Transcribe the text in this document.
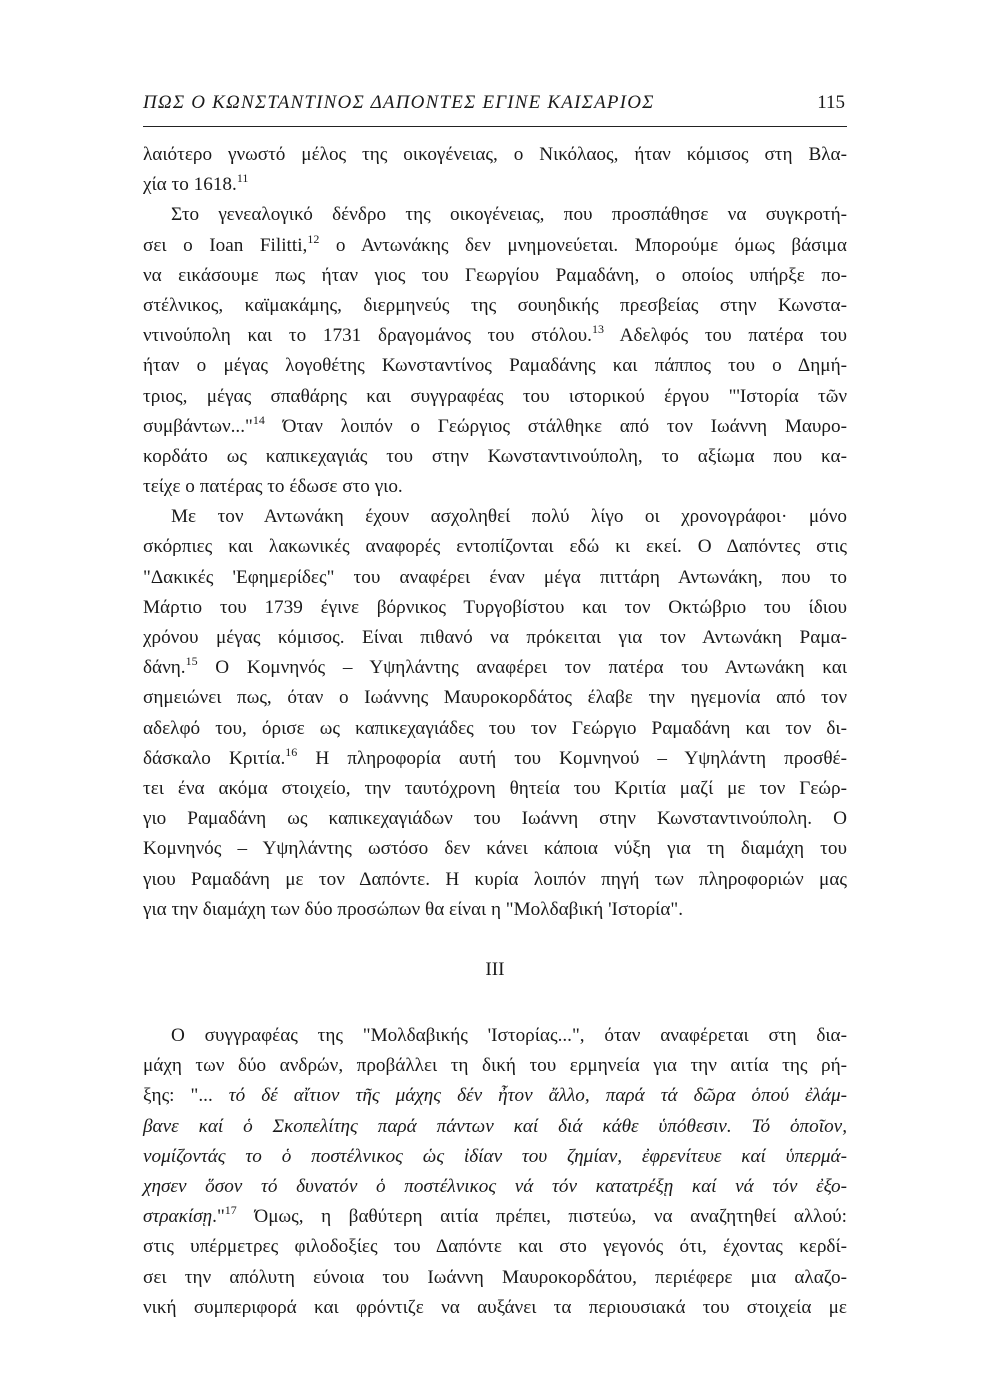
ΠΩΣ Ο ΚΩΝΣΤΑΝΤΙΝΟΣ ΔΑΠΟΝΤΕΣ ΕΓΙΝΕ ΚΑΙΣΑΡΙΟΣ	115
λαιότερο γνωστό μέλος της οικογένειας, ο Νικόλαος, ήταν κόμισος στη Βλα-
χία το 1618.11
Στο γενεαλογικό δένδρο της οικογένειας, που προσπάθησε να συγκροτή-
σει ο Ioan Filitti,$^{12}$ ο Αντωνάκης δεν μνημονεύεται. Μπορούμε όμως βάσιμα
να εικάσουμε πως ήταν γιος του Γεωργίου Ραμαδάνη, ο οποίος υπήρξε πο-
στέλνικος, καϊμακάμης, διερμηνεύς της σουηδικής πρεσβείας στην Κωνστα-
ντινούπολη και το 1731 δραγομάνος του στόλου.$^{13}$ Αδελφός του πατέρα του
ήταν ο μέγας λογοθέτης Κωνσταντίνος Ραμαδάνης και πάππος του ο Δημή-
τριος, μέγας σπαθάρης και συγγραφέας του ιστορικού έργου "'Ιστορία τῶν
συμβάντων..."$^{14}$ Όταν λοιπόν ο Γεώργιος στάλθηκε από τον Ιωάννη Μαυρο-
κορδάτο ως καπικεχαγιάς του στην Κωνσταντινούπολη, το αξίωμα που κα-
τείχε ο πατέρας το έδωσε στο γιο.
Με τον Αντωνάκη έχουν ασχοληθεί πολύ λίγο οι χρονογράφοι· μόνο
σκόρπιες και λακωνικές αναφορές εντοπίζονται εδώ κι εκεί. Ο Δαπόντες στις
"Δακικές 'Εφημερίδες" του αναφέρει έναν μέγα πιττάρη Αντωνάκη, που το
Μάρτιο του 1739 έγινε βόρνικος Τυργοβίστου και τον Οκτώβριο του ίδιου
χρόνου μέγας κόμισος. Είναι πιθανό να πρόκειται για τον Αντωνάκη Ραμα-
δάνη.$^{15}$ Ο Κομνηνός – Υψηλάντης αναφέρει τον πατέρα του Αντωνάκη και
σημειώνει πως, όταν ο Ιωάννης Μαυροκορδάτος έλαβε την ηγεμονία από τον
αδελφό του, όρισε ως καπικεχαγιάδες του τον Γεώργιο Ραμαδάνη και τον δι-
δάσκαλο Κριτία.$^{16}$ Η πληροφορία αυτή του Κομνηνού – Υψηλάντη προσθέ-
τει ένα ακόμα στοιχείο, την ταυτόχρονη θητεία του Κριτία μαζί με τον Γεώρ-
γιο Ραμαδάνη ως καπικεχαγιάδων του Ιωάννη στην Κωνσταντινούπολη. Ο
Κομνηνός – Υψηλάντης ωστόσο δεν κάνει κάποια νύξη για τη διαμάχη του
γιου Ραμαδάνη με τον Δαπόντε. Η κυρία λοιπόν πηγή των πληροφοριών μας
για την διαμάχη των δύο προσώπων θα είναι η "Μολδαβική 'Ιστορία".
III
Ο συγγραφέας της "Μολδαβικής 'Ιστορίας...", όταν αναφέρεται στη δια-
μάχη των δύο ανδρών, προβάλλει τη δική του ερμηνεία για την αιτία της ρή-
ξης: "... τό δέ αἴτιον τῆς μάχης δέν ἦτον ἄλλο, παρά τά δῶρα ὁπού ἐλάμ-
βανε καί ὁ Σκοπελίτης παρά πάντων καί διά κάθε ὑπόθεσιν. Τό ὁποῖον,
νομίζοντάς το ὁ ποστέλνικος ὡς ἰδίαν του ζημίαν, ἐφρενίτευε καί ὑπερμά-
χησεν ὅσον τό δυνατόν ὁ ποστέλνικος νά τόν κατατρέξῃ καί νά τόν ἐξο-
στρακίσῃ."$^{17}$ Όμως, η βαθύτερη αιτία πρέπει, πιστεύω, να αναζητηθεί αλλού:
στις υπέρμετρες φιλοδοξίες του Δαπόντε και στο γεγονός ότι, έχοντας κερδί-
σει την απόλυτη εύνοια του Ιωάννη Μαυροκορδάτου, περιέφερε μια αλαζο-
νική συμπεριφορά και φρόντιζε να αυξάνει τα περιουσιακά του στοιχεία με
